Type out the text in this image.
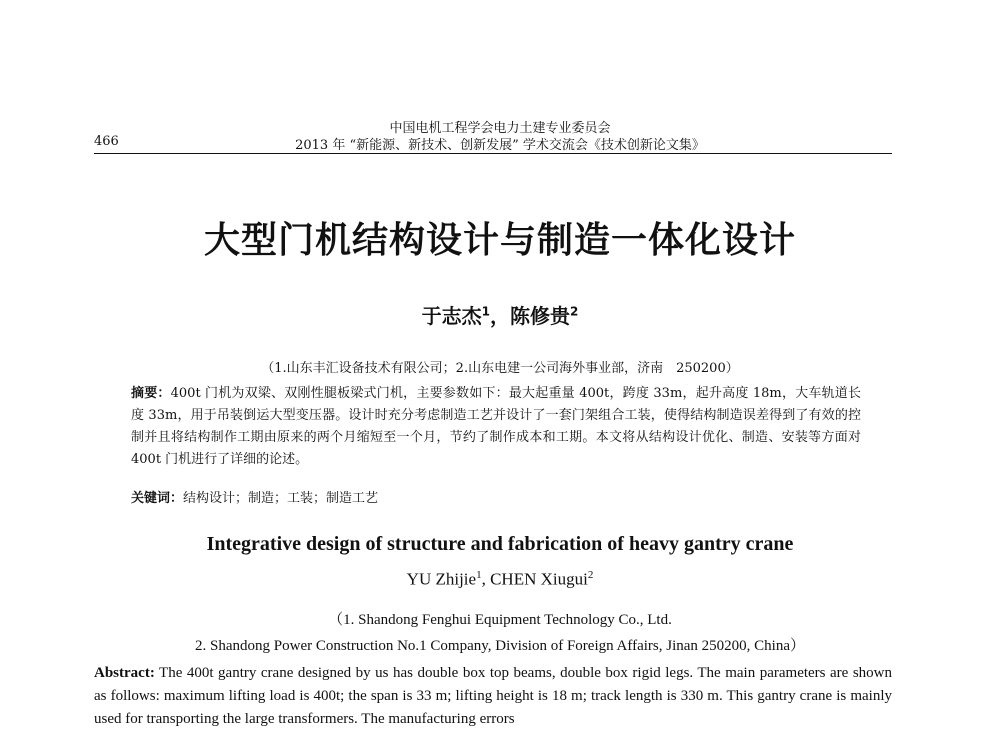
466
中国电机工程学会电力土建专业委员会
2013 年 “新能源、新技术、创新发展” 学术交流会《技术创新论文集》
大型门机结构设计与制造一体化设计
于志杰$^1$，陈修贵$^2$
（1.山东丰汇设备技术有限公司；2.山东电建一公司海外事业部，济南　250200）
摘要：400t 门机为双梁、双刚性腿板梁式门机，主要参数如下：最大起重量 400t，跨度 33m，起升高度 18m，大车轨道长度 33m，用于吊装倒运大型变压器。设计时充分考虑制造工艺并设计了一套门架组合工装，使得结构制造误差得到了有效的控制并且将结构制作工期由原来的两个月缩短至一个月，节约了制作成本和工期。本文将从结构设计优化、制造、安装等方面对 400t 门机进行了详细的论述。
关键词：结构设计；制造；工装；制造工艺
Integrative design of structure and fabrication of heavy gantry crane
YU Zhijie$^1$, CHEN Xiugui$^2$
（1. Shandong Fenghui Equipment Technology Co., Ltd.
2. Shandong Power Construction No.1 Company, Division of Foreign Affairs, Jinan 250200, China）
Abstract: The 400t gantry crane designed by us has double box top beams, double box rigid legs. The main parameters are shown as follows: maximum lifting load is 400t; the span is 33 m; lifting height is 18 m; track length is 330 m. This gantry crane is mainly used for transporting the large transformers. The manufacturing errors
